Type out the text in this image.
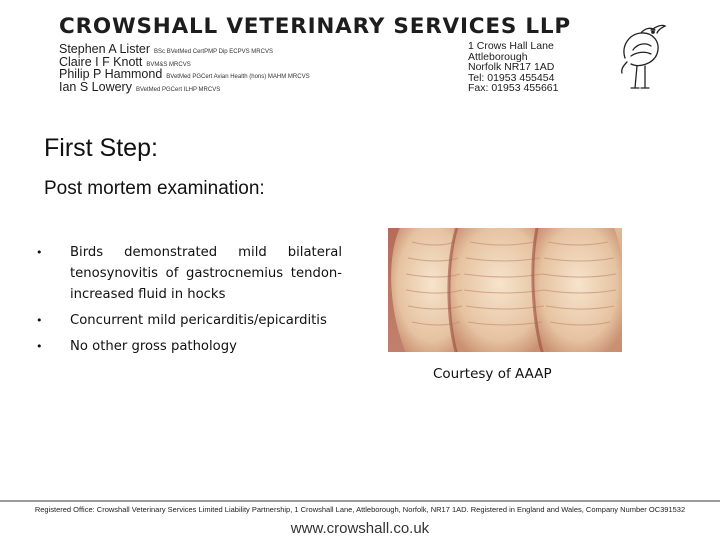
CROWSHALL VETERINARY SERVICES LLP
Stephen A Lister BSc BVetMed CertPMP Dip ECPVS MRCVS
Claire I F Knott BVM&S MRCVS
Philip P Hammond BVetMed PGCert Avian Health (hons) MAHM MRCVS
Ian S Lowery BVetMed PGCert ILHP MRCVS
1 Crows Hall Lane
Attleborough
Norfolk NR17 1AD
Tel: 01953 455454
Fax: 01953 455661
First Step:
Post mortem examination:
• Birds demonstrated mild bilateral tenosynovitis of gastrocnemius tendon- increased fluid in hocks
• Concurrent mild pericarditis/epicarditis
• No other gross pathology
Courtesy of AAAP
Registered Office: Crowshall Veterinary Services Limited Liability Partnership, 1 Crowshall Lane, Attleborough, Norfolk, NR17 1AD. Registered in England and Wales, Company Number OC391532
www.crowshall.co.uk
